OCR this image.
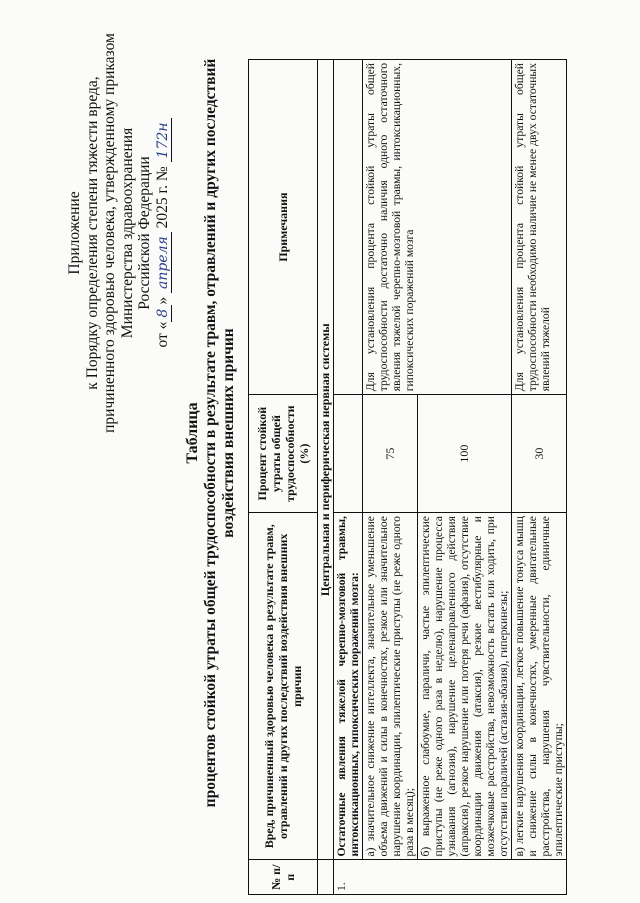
Приложение к Порядку определения степени тяжести вреда, причиненного здоровью человека, утвержденному приказом Министерства здравоохранения Российской Федерации
от «8» апреля 2025 г. № 172н
Таблица процентов стойкой утраты общей трудоспособности в результате травм, отравлений и других последствий воздействия внешних причин
№ п/п	Вред, причиненный здоровью человека в результате травм, отравлений и других последствий воздействия внешних причин	Процент стойкой утраты общей трудоспособности (%)	Примечания
	Центральная и периферическая нервная системы		
1.	Остаточные явления тяжелой черепно-мозговой травмы, интоксикационных, гипоксических поражений мозга:		
	а) значительное снижение интеллекта, значительное уменьшение объема движений и силы в конечностях, резкое или значительное нарушение координации, эпилептические приступы (не реже одного раза в месяц);	75	Для установления процента стойкой утраты общей трудоспособности достаточно наличия одного остаточного явления тяжелой черепно-мозговой травмы, интоксикационных, гипоксических поражений мозга
	б) выраженное слабоумие, параличи, частые эпилептические приступы (не реже одного раза в неделю), нарушение процесса узнавания (агнозия), нарушение целенаправленного действия (апраксия), резкое нарушение или потеря речи (афазия), отсутствие координации движения (атаксия), резкие вестибулярные и мозжечковые расстройства, невозможность встать или ходить, при отсутствии параличей (астазия-абазия), гиперкинезы;	100	
	в) легкие нарушения координации, легкое повышение тонуса мышц и снижение силы в конечностях, умеренные двигательные расстройства, нарушения чувствительности, единичные эпилептические приступы;	30	Для установления процента стойкой утраты общей трудоспособности необходимо наличие не менее двух остаточных явлений тяжелой
